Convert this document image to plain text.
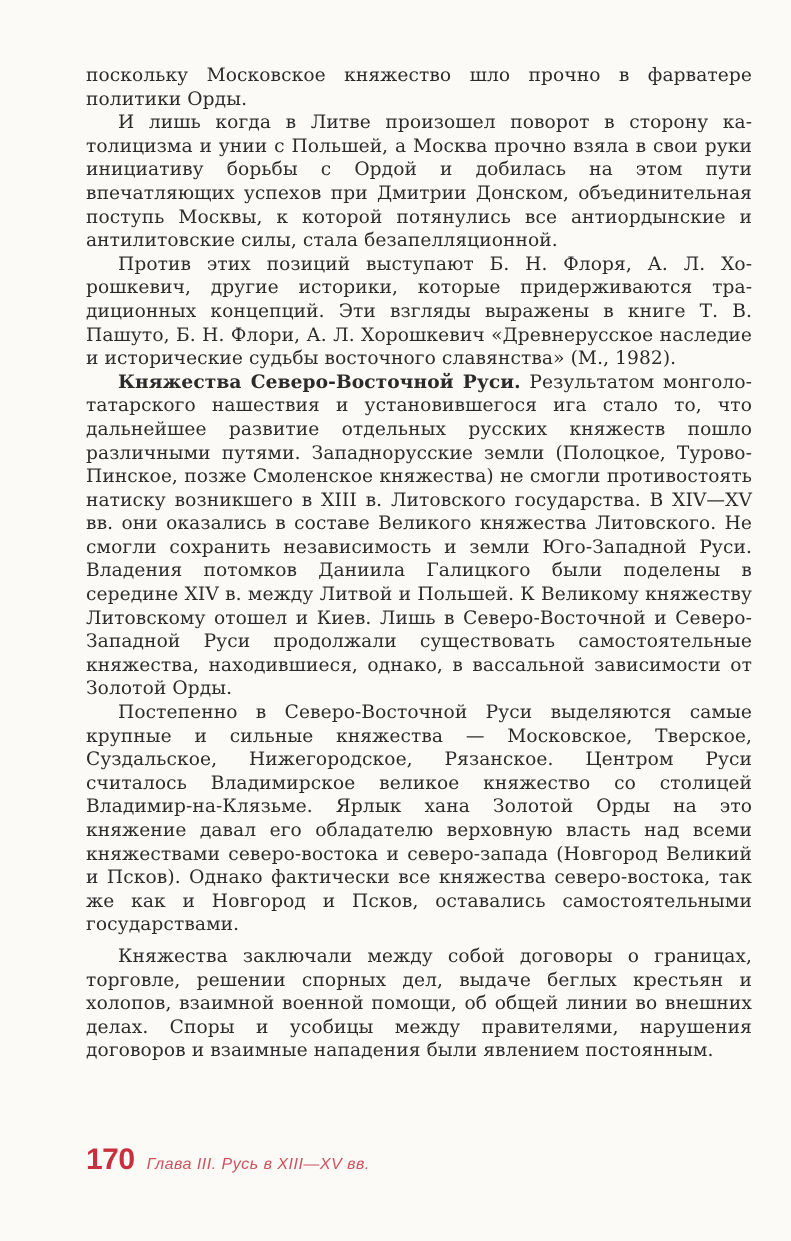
поскольку Московское княжество шло прочно в фарватере политики Орды.

И лишь когда в Литве произошел поворот в сторону католицизма и унии с Польшей, а Москва прочно взяла в свои руки инициативу борьбы с Ордой и добилась на этом пути впечатляющих успехов при Дмитрии Донском, объединительная поступь Москвы, к которой потянулись все антиордынские и антилитовские силы, стала безапелляционной.

Против этих позиций выступают Б. Н. Флоря, А. Л. Хорошкевич, другие историки, которые придерживаются традиционных концепций. Эти взгляды выражены в книге Т. В. Пашуто, Б. Н. Флори, А. Л. Хорошкевич «Древнерусское наследие и исторические судьбы восточного славянства» (М., 1982).

Княжества Северо-Восточной Руси. Результатом монголо-татарского нашествия и установившегося ига стало то, что дальнейшее развитие отдельных русских княжеств пошло различными путями. Западнорусские земли (Полоцкое, Турово-Пинское, позже Смоленское княжества) не смогли противостоять натиску возникшего в XIII в. Литовского государства. В XIV—XV вв. они оказались в составе Великого княжества Литовского. Не смогли сохранить независимость и земли Юго-Западной Руси. Владения потомков Даниила Галицкого были поделены в середине XIV в. между Литвой и Польшей. К Великому княжеству Литовскому отошел и Киев. Лишь в Северо-Восточной и Северо-Западной Руси продолжали существовать самостоятельные княжества, находившиеся, однако, в вассальной зависимости от Золотой Орды.

Постепенно в Северо-Восточной Руси выделяются самые крупные и сильные княжества — Московское, Тверское, Суздальское, Нижегородское, Рязанское. Центром Руси считалось Владимирское великое княжество со столицей Владимир-на-Клязьме. Ярлык хана Золотой Орды на это княжение давал его обладателю верховную власть над всеми княжествами северо-востока и северо-запада (Новгород Великий и Псков). Однако фактически все княжества северо-востока, так же как и Новгород и Псков, оставались самостоятельными государствами.

Княжества заключали между собой договоры о границах, торговле, решении спорных дел, выдаче беглых крестьян и холопов, взаимной военной помощи, об общей линии во внешних делах. Споры и усобицы между правителями, нарушения договоров и взаимные нападения были явлением постоянным.

170 Глава III. Русь в XIII—XV вв.
